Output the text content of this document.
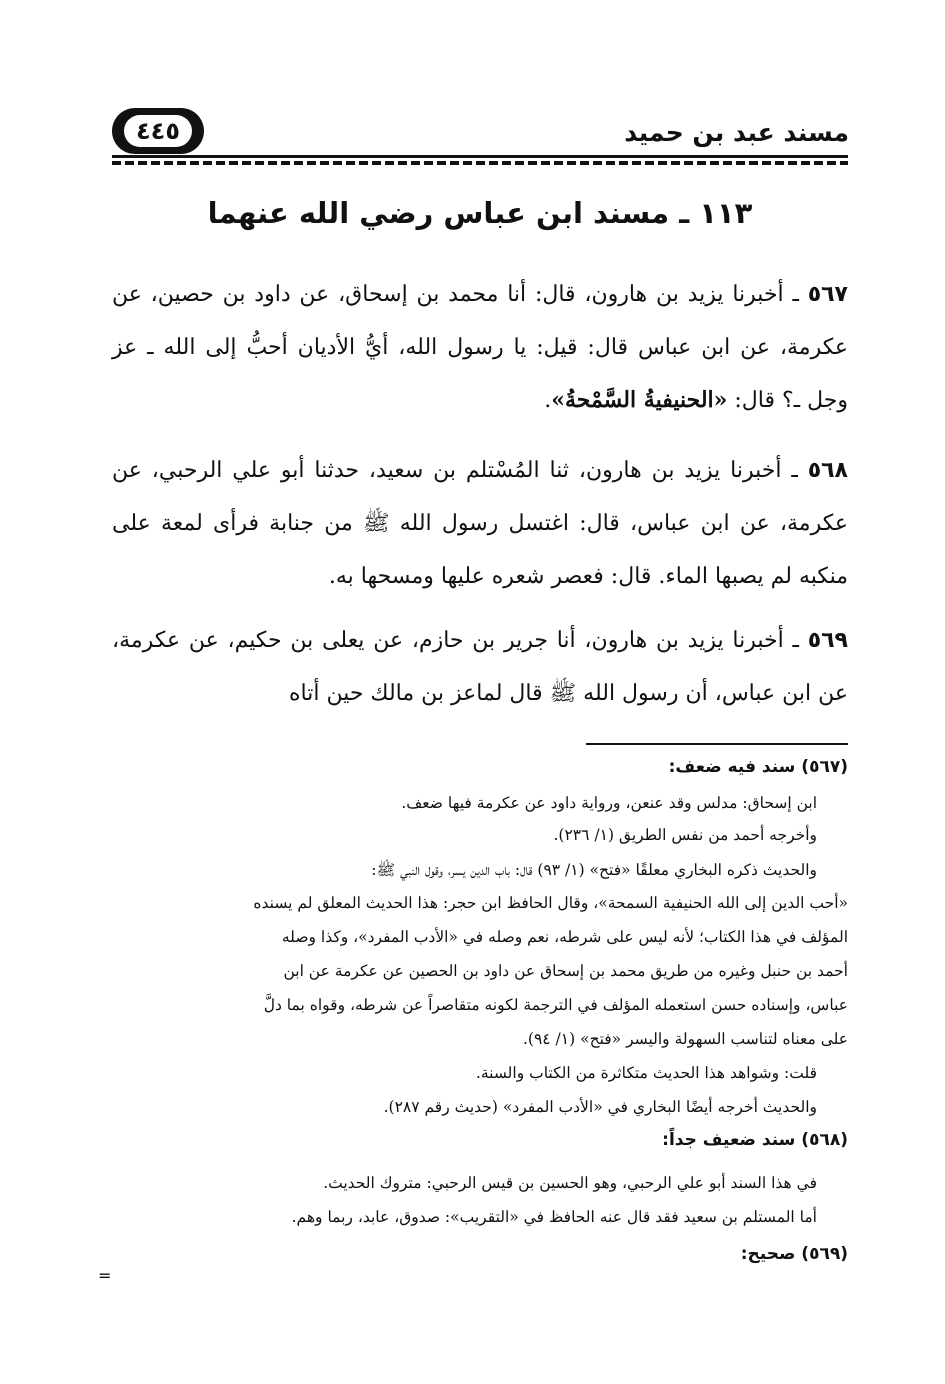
مسند عبد بن حميد
٤٤٥
١١٣ ـ مسند ابن عباس رضي الله عنهما
٥٦٧ ـ أخبرنا يزيد بن هارون، قال: أنا محمد بن إسحاق، عن داود بن حصين، عن عكرمة، عن ابن عباس قال: قيل: يا رسول الله، أيُّ الأديان أحبُّ إلى الله ـ عز وجل ـ؟ قال: «الحنيفيةُ السَّمْحةُ».
٥٦٨ ـ أخبرنا يزيد بن هارون، ثنا المُسْتلم بن سعيد، حدثنا أبو علي الرحبي، عن عكرمة، عن ابن عباس، قال: اغتسل رسول الله ﷺ من جنابة فرأى لمعة على منكبه لم يصبها الماء. قال: فعصر شعره عليها ومسحها به.
٥٦٩ ـ أخبرنا يزيد بن هارون، أنا جرير بن حازم، عن يعلى بن حكيم، عن عكرمة، عن ابن عباس، أن رسول الله ﷺ قال لماعز بن مالك حين أتاه
(٥٦٧) سند فيه ضعف:
ابن إسحاق: مدلس وقد عنعن، ورواية داود عن عكرمة فيها ضعف.
وأخرجه أحمد من نفس الطريق (١/ ٢٣٦).
والحديث ذكره البخاري معلقًا «فتح» (١/ ٩٣) قال: باب الدين يسر، وقول النبي ﷺ:
«أحب الدين إلى الله الحنيفية السمحة»، وقال الحافظ ابن حجر: هذا الحديث المعلق لم يسنده
المؤلف في هذا الكتاب؛ لأنه ليس على شرطه، نعم وصله في «الأدب المفرد»، وكذا وصله
أحمد بن حنبل وغيره من طريق محمد بن إسحاق عن داود بن الحصين عن عكرمة عن ابن
عباس، وإسناده حسن استعمله المؤلف في الترجمة لكونه متقاصراً عن شرطه، وقواه بما دلَّ
على معناه لتناسب السهولة واليسر «فتح» (١/ ٩٤).
قلت: وشواهد هذا الحديث متكاثرة من الكتاب والسنة.
والحديث أخرجه أيضًا البخاري في «الأدب المفرد» (حديث رقم ٢٨٧).
(٥٦٨) سند ضعيف جداً:
في هذا السند أبو علي الرحبي، وهو الحسين بن قيس الرحبي: متروك الحديث.
أما المستلم بن سعيد فقد قال عنه الحافظ في «التقريب»: صدوق، عابد، ربما وهم.
(٥٦٩) صحيح:
=
